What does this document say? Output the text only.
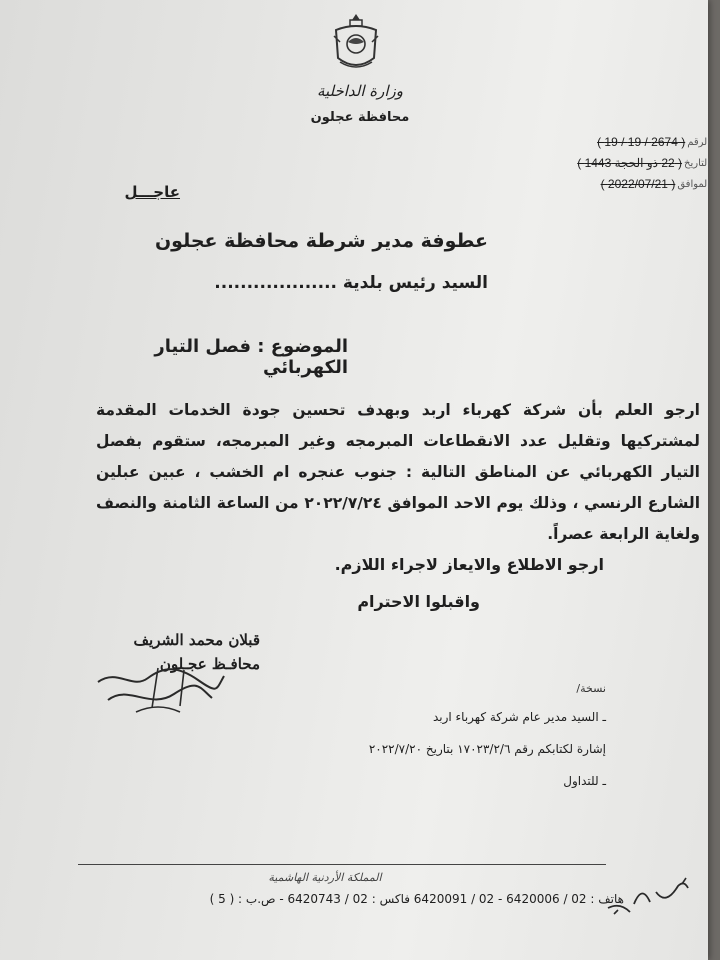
وزارة الداخلية
محافظة عجلون
الرقم
( 2674 / 19 / 19 )
التاريخ
( 22 ذو الحجة 1443 )
الموافق
( 2022/07/21 )
عاجـــل
عطوفة مدير شرطة محافظة عجلون
السيد رئيس بلدية ...................
الموضوع : فصل التيار الكهربائي
ارجو العلم بأن شركة كهرباء اربد وبهدف تحسين جودة الخدمات المقدمة لمشتركيها وتقليل عدد الانقطاعات المبرمجه وغير المبرمجه، ستقوم بفصل التيار الكهربائي عن المناطق التالية : جنوب عنجره ام الخشب ، عبين عبلين الشارع الرنسي ، وذلك يوم الاحد الموافق ٢٠٢٢/٧/٢٤ من الساعة الثامنة والنصف ولغاية الرابعة عصراً.
ارجو الاطلاع والايعاز لاجراء اللازم.
واقبلوا الاحترام
قبلان محمد الشريف
محافـظ عجـلون
نسخة/
ـ السيد مدير عام شركة كهرباء اربد
إشارة لكتابكم رقم ١٧٠٢٣/٢/٦ بتاريخ ٢٠٢٢/٧/٢٠
ـ للتداول
المملكة الأردنية الهاشمية
هاتف : 02 / 6420006 - 02 / 6420091 فاكس : 02 / 6420743 - ص.ب : ( 5 )
